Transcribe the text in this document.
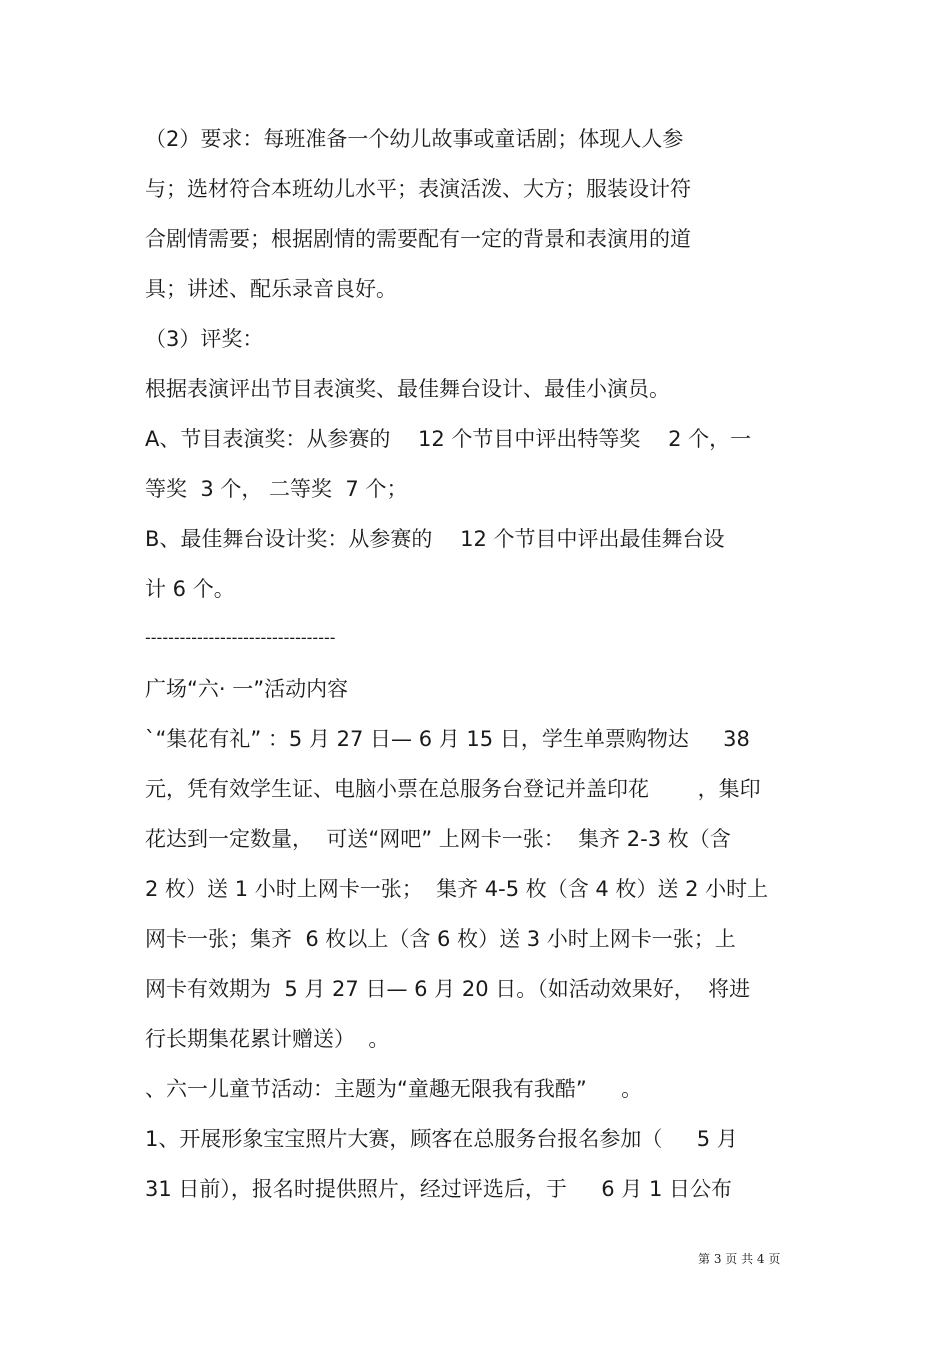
（2）要求：每班准备一个幼儿故事或童话剧；体现人人参
与；选材符合本班幼儿水平；表演活泼、大方；服装设计符
合剧情需要；根据剧情的需要配有一定的背景和表演用的道
具；讲述、配乐录音良好。
（3）评奖：
根据表演评出节目表演奖、最佳舞台设计、最佳小演员。
A、节目表演奖：从参赛的 　12 个节目中评出特等奖 　2 个，一
等奖  3 个， 二等奖  7 个；
B、最佳舞台设计奖：从参赛的 　12 个节目中评出最佳舞台设
计 6 个。
---------------------------------
广场“六· 一”活动内容
`“集花有礼” ：5 月 27 日— 6 月 15 日，学生单票购物达  　38
元，凭有效学生证、电脑小票在总服务台登记并盖印花 　　，集印
花达到一定数量，  可送“网吧” 上网卡一张：  集齐 2-3 枚（含
2 枚）送 1 小时上网卡一张；  集齐 4-5 枚（含 4 枚）送 2 小时上
网卡一张；集齐  6 枚以上（含 6 枚）送 3 小时上网卡一张；上
网卡有效期为  5 月 27 日— 6 月 20 日。（如活动效果好，  将进
行长期集花累计赠送）  。
、六一儿童节活动：主题为“童趣无限我有我酷”  　。
1、开展形象宝宝照片大赛，顾客在总服务台报名参加（  　5 月
31 日前），报名时提供照片，经过评选后，于  　6 月 1 日公布
第 3 页 共 4 页
